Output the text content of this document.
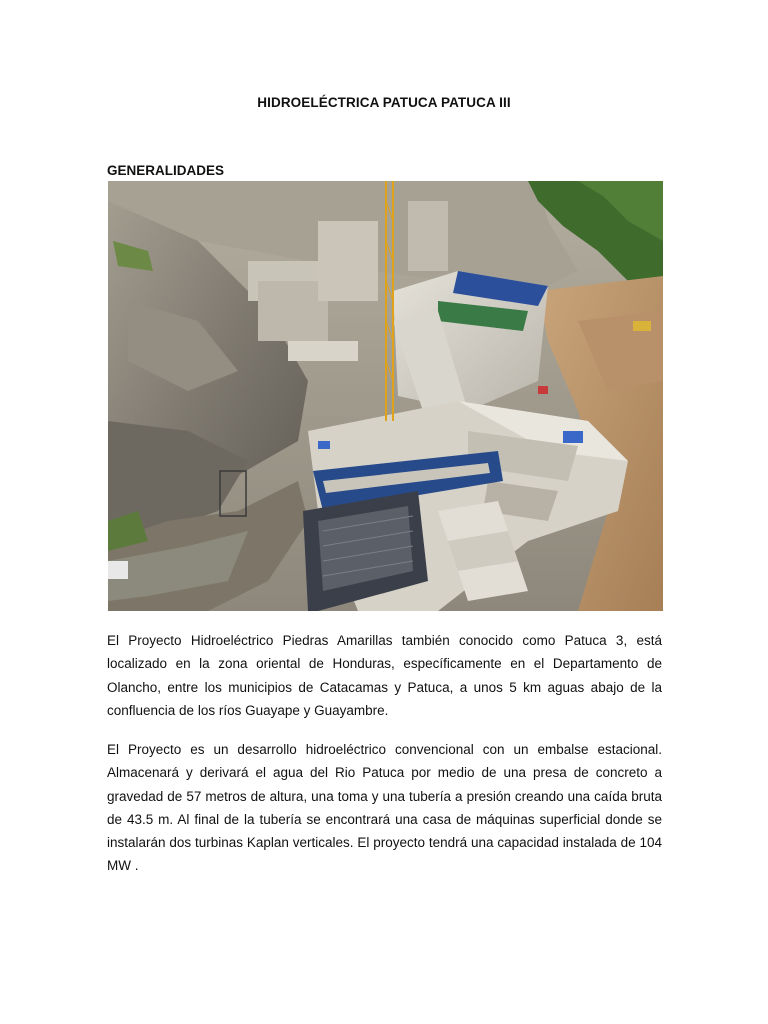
HIDROELÉCTRICA PATUCA PATUCA III
GENERALIDADES

El Proyecto Hidroeléctrico Piedras Amarillas también conocido como Patuca 3, está localizado en la zona oriental de Honduras, específicamente en el Departamento de Olancho, entre los municipios de Catacamas y Patuca, a unos 5 km aguas abajo de la confluencia de los ríos Guayape y Guayambre.

El Proyecto es un desarrollo hidroeléctrico convencional con un embalse estacional. Almacenará y derivará el agua del Rio Patuca por medio de una presa de concreto a gravedad de 57 metros de altura, una toma y una tubería a presión creando una caída bruta de 43.5 m. Al final de la tubería se encontrará una casa de máquinas superficial donde se instalarán dos turbinas Kaplan verticales. El proyecto tendrá una capacidad instalada de 104 MW .
